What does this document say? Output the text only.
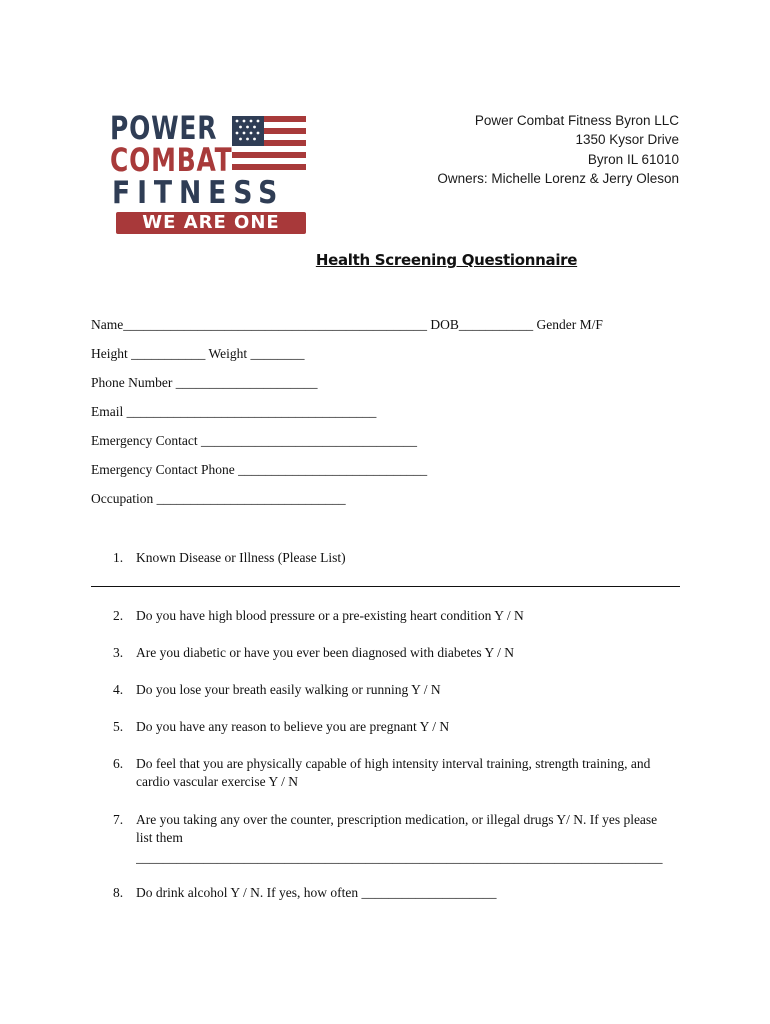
POWER
COMBAT
FITNESS
WE ARE ONE
Power Combat Fitness Byron LLC
1350 Kysor Drive
Byron IL 61010
Owners: Michelle Lorenz & Jerry Oleson
Health Screening Questionnaire
Name_____________________________________________ DOB___________ Gender M/F
Height ___________ Weight ________
Phone Number _____________________
Email _____________________________________
Emergency Contact ________________________________
Emergency Contact Phone ____________________________
Occupation ____________________________
1. Known Disease or Illness (Please List)
2. Do you have high blood pressure or a pre-existing heart condition Y / N
3. Are you diabetic or have you ever been diagnosed with diabetes Y / N
4. Do you lose your breath easily walking or running Y / N
5. Do you have any reason to believe you are pregnant Y / N
6. Do feel that you are physically capable of high intensity interval training, strength training, and
cardio vascular exercise Y / N
7. Are you taking any over the counter, prescription medication, or illegal drugs Y/ N. If yes please
list them
______________________________________________________________________________
8. Do drink alcohol Y / N. If yes, how often ____________________
